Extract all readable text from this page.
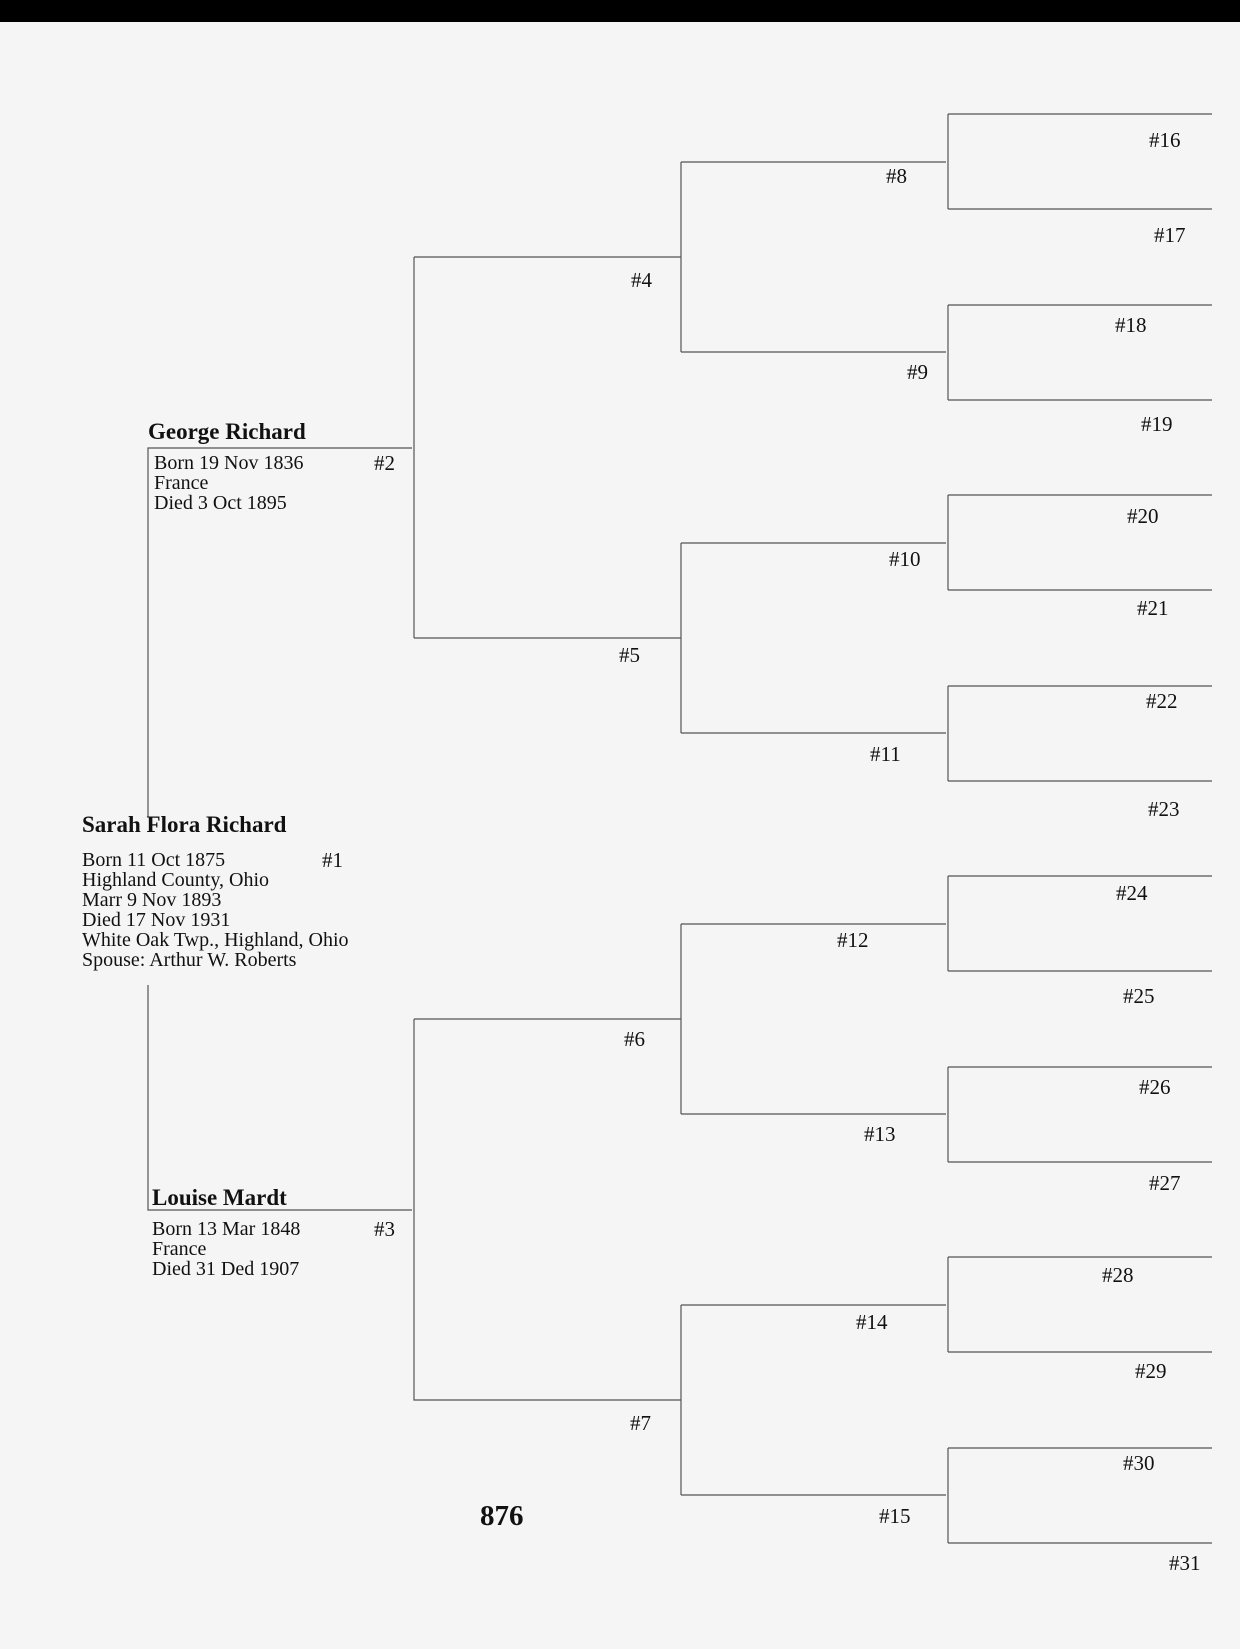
Sarah Flora Richard
Born 11 Oct 1875
Highland County, Ohio
Marr 9 Nov 1893
Died 17 Nov 1931
White Oak Twp., Highland, Ohio
Spouse: Arthur W. Roberts
#1
George Richard
Born 19 Nov 1836
France
Died 3 Oct 1895
#2
Louise Mardt
Born 13 Mar 1848
France
Died 31 Ded 1907
#3
#4
#5
#6
#7
#8
#9
#10
#11
#12
#13
#14
#15
#16
#17
#18
#19
#20
#21
#22
#23
#24
#25
#26
#27
#28
#29
#30
#31
876
